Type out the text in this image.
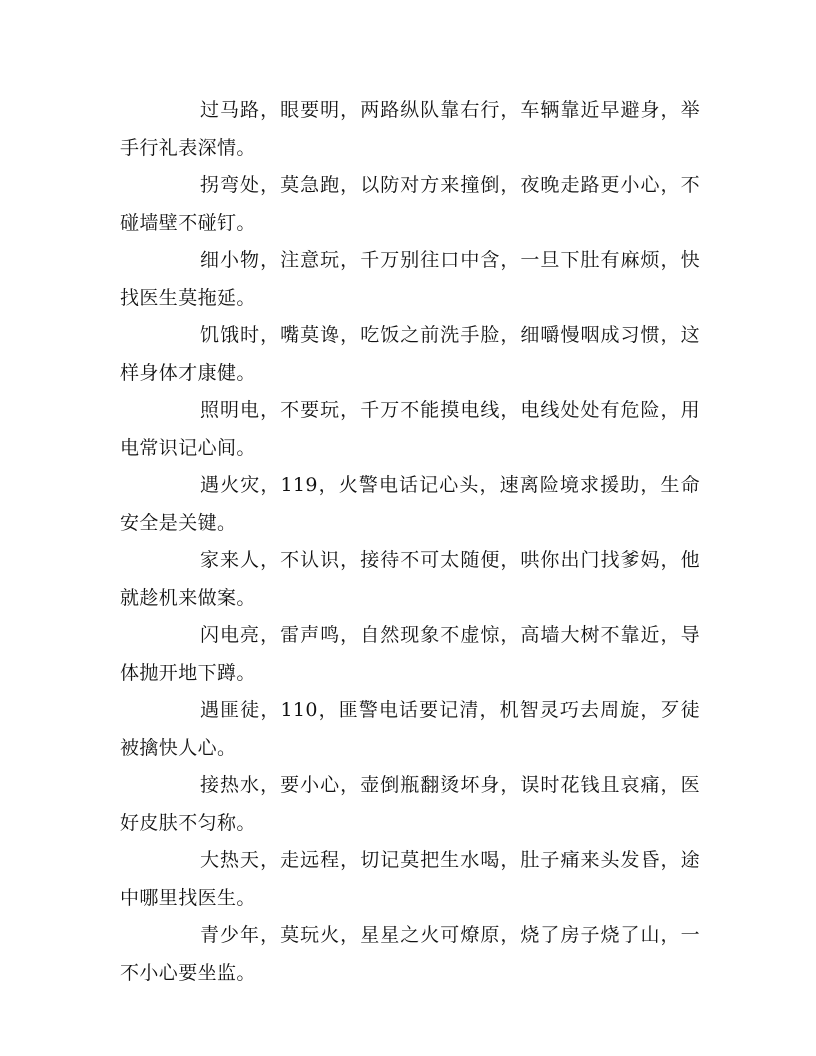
过马路，眼要明，两路纵队靠右行，车辆靠近早避身，举手行礼表深情。

拐弯处，莫急跑，以防对方来撞倒，夜晚走路更小心，不碰墙壁不碰钉。

细小物，注意玩，千万别往口中含，一旦下肚有麻烦，快找医生莫拖延。

饥饿时，嘴莫谗，吃饭之前洗手脸，细嚼慢咽成习惯，这样身体才康健。

照明电，不要玩，千万不能摸电线，电线处处有危险，用电常识记心间。

遇火灾，119，火警电话记心头，速离险境求援助，生命安全是关键。

家来人，不认识，接待不可太随便，哄你出门找爹妈，他就趁机来做案。

闪电亮，雷声鸣，自然现象不虚惊，高墙大树不靠近，导体抛开地下蹲。

遇匪徒，110，匪警电话要记清，机智灵巧去周旋，歹徒被擒快人心。

接热水，要小心，壶倒瓶翻烫坏身，误时花钱且哀痛，医好皮肤不匀称。

大热天，走远程，切记莫把生水喝，肚子痛来头发昏，途中哪里找医生。

青少年，莫玩火，星星之火可燎原，烧了房子烧了山，一不小心要坐监。
